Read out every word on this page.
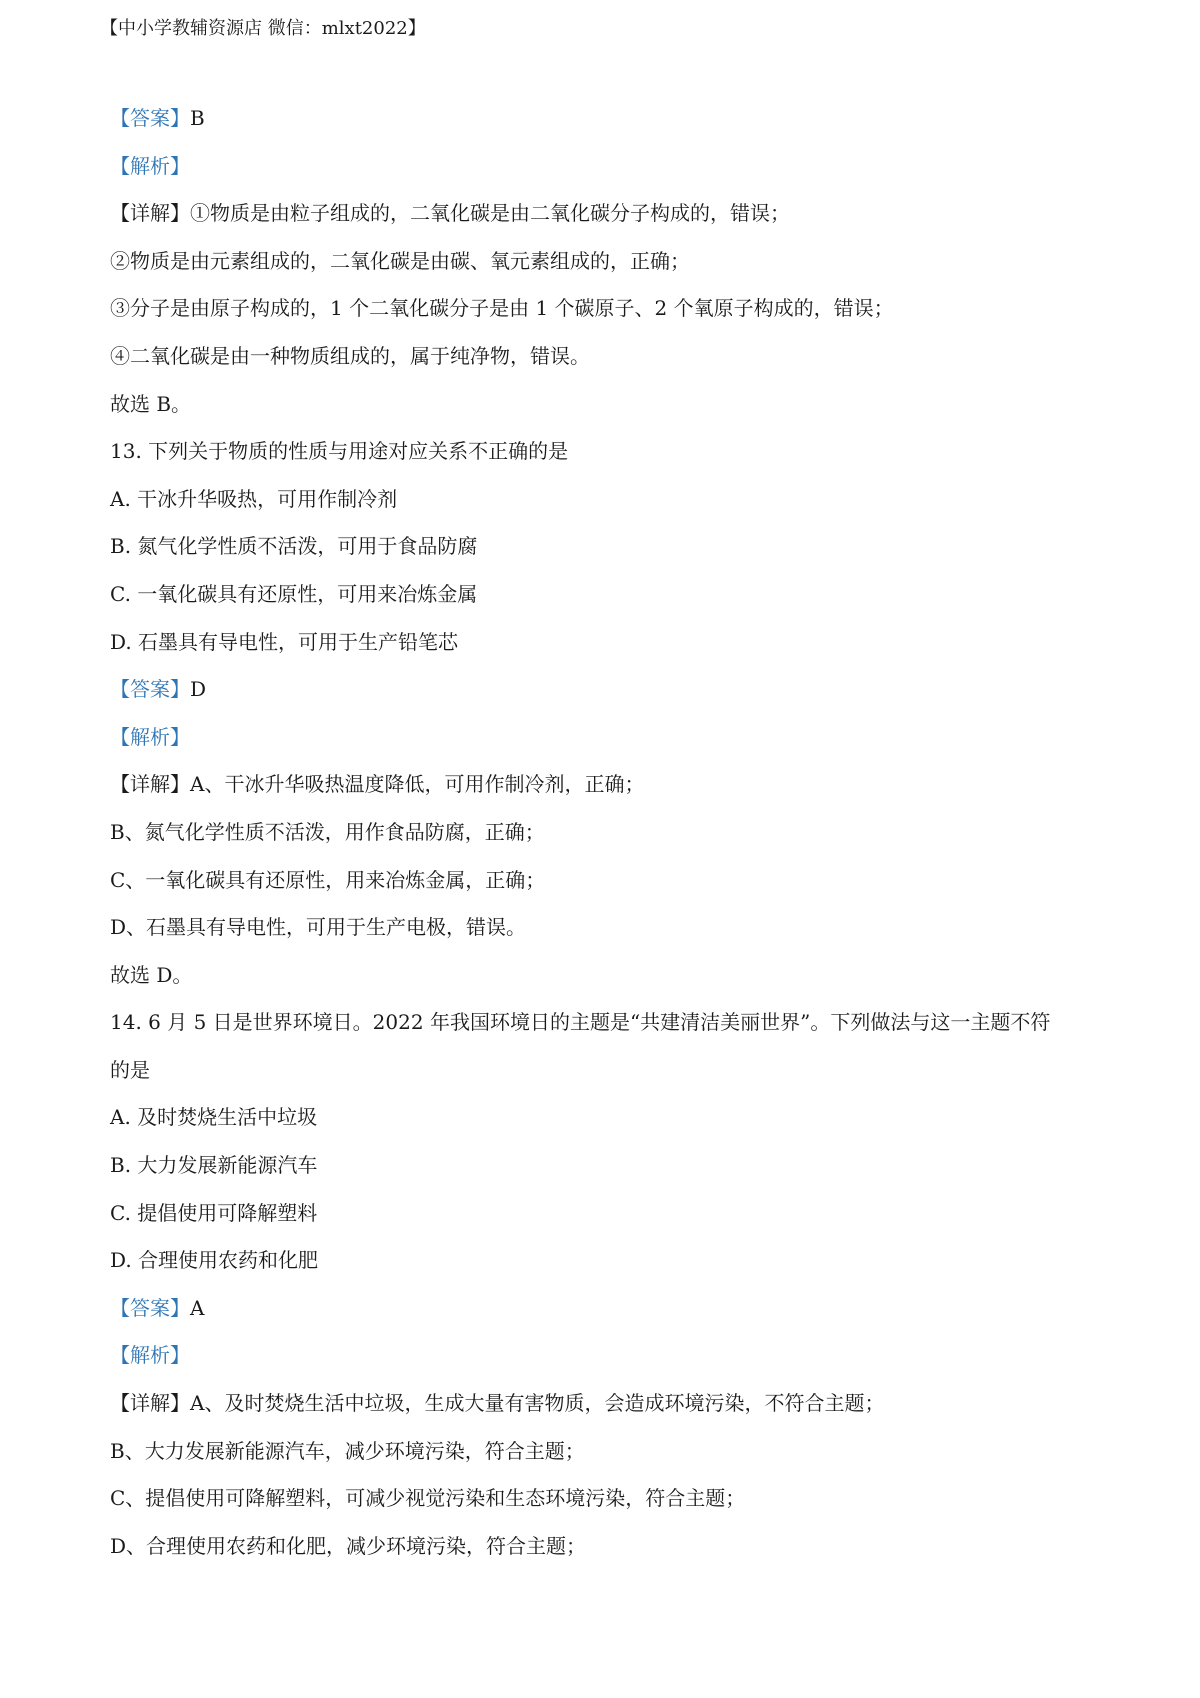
【中小学教辅资源店 微信：mlxt2022】
【答案】B
【解析】
【详解】①物质是由粒子组成的，二氧化碳是由二氧化碳分子构成的，错误；
②物质是由元素组成的，二氧化碳是由碳、氧元素组成的，正确；
③分子是由原子构成的，1 个二氧化碳分子是由 1 个碳原子、2 个氧原子构成的，错误；
④二氧化碳是由一种物质组成的，属于纯净物，错误。
故选 B。
13. 下列关于物质的性质与用途对应关系不正确的是
A. 干冰升华吸热，可用作制冷剂
B. 氮气化学性质不活泼，可用于食品防腐
C. 一氧化碳具有还原性，可用来冶炼金属
D. 石墨具有导电性，可用于生产铅笔芯
【答案】D
【解析】
【详解】A、干冰升华吸热温度降低，可用作制冷剂，正确；
B、氮气化学性质不活泼，用作食品防腐，正确；
C、一氧化碳具有还原性，用来冶炼金属，正确；
D、石墨具有导电性，可用于生产电极，错误。
故选 D。
14. 6 月 5 日是世界环境日。2022 年我国环境日的主题是“共建清洁美丽世界”。下列做法与这一主题不符
的是
A. 及时焚烧生活中垃圾
B. 大力发展新能源汽车
C. 提倡使用可降解塑料
D. 合理使用农药和化肥
【答案】A
【解析】
【详解】A、及时焚烧生活中垃圾，生成大量有害物质，会造成环境污染，不符合主题；
B、大力发展新能源汽车，减少环境污染，符合主题；
C、提倡使用可降解塑料，可减少视觉污染和生态环境污染，符合主题；
D、合理使用农药和化肥，减少环境污染，符合主题；
